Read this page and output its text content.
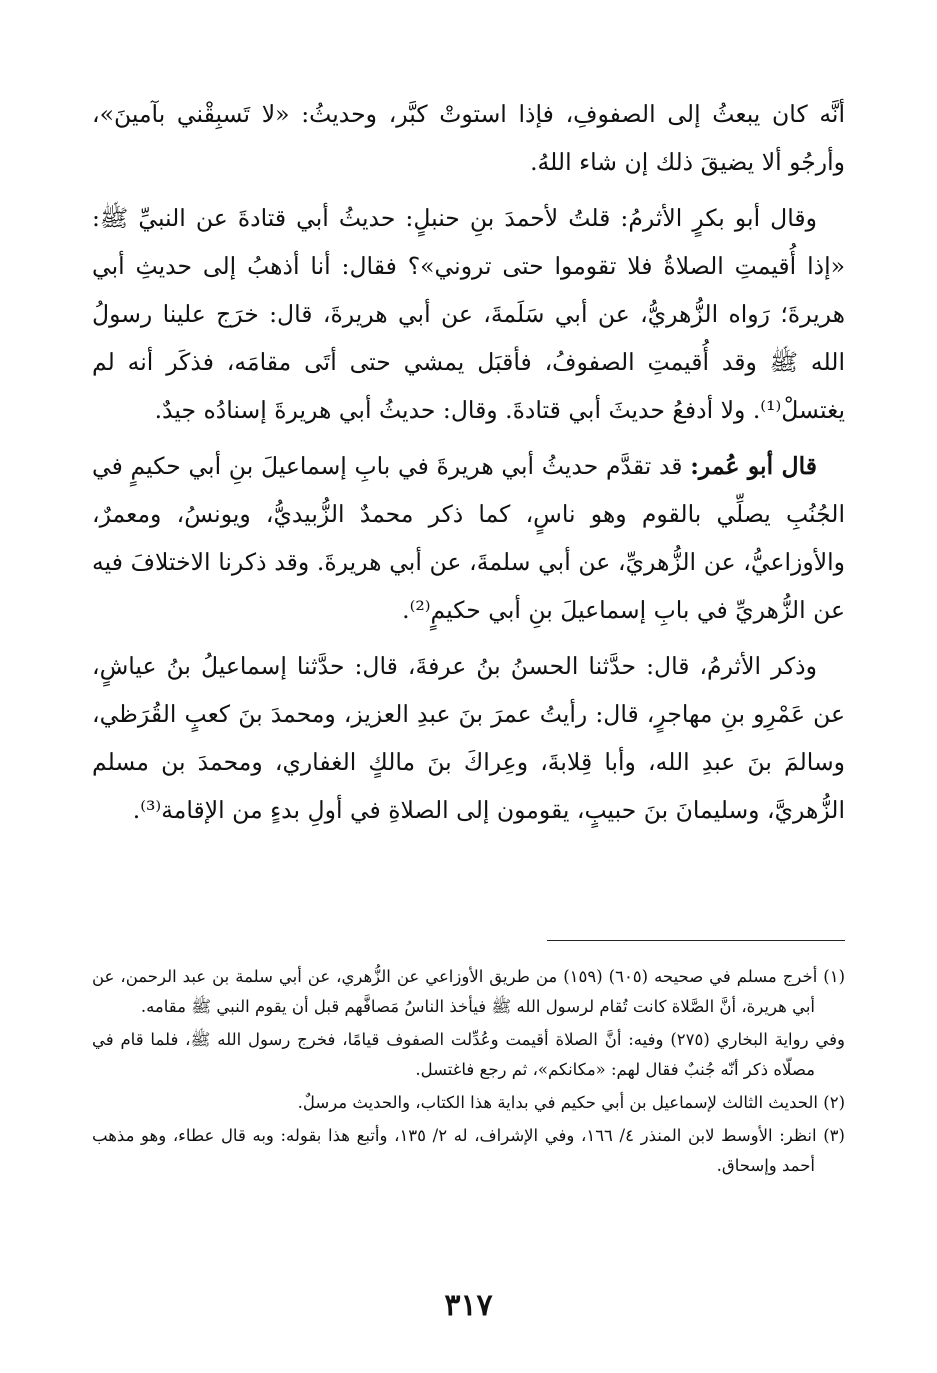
أنَّه كان يبعثُ إلى الصفوفِ، فإذا استوتْ كبَّر، وحديثُ: «لا تَسبِقْني بآمينَ»، وأرجُو ألا يضيقَ ذلك إن شاء اللهُ.

وقال أبو بكرٍ الأثرمُ: قلتُ لأحمدَ بنِ حنبلٍ: حديثُ أبي قتادةَ عن النبيِّ ﷺ: «إذا أُقيمتِ الصلاةُ فلا تقوموا حتى تروني»؟ فقال: أنا أذهبُ إلى حديثِ أبي هريرةَ؛ رَواه الزُّهريُّ، عن أبي سَلَمةَ، عن أبي هريرةَ، قال: خرَج علينا رسولُ الله ﷺ وقد أُقيمتِ الصفوفُ، فأقبَل يمشي حتى أتَى مقامَه، فذكَر أنه لم يغتسلْ⁽¹⁾. ولا أدفعُ حديثَ أبي قتادةَ. وقال: حديثُ أبي هريرةَ إسنادُه جيدٌ.

قال أبو عُمر: قد تقدَّم حديثُ أبي هريرةَ في بابِ إسماعيلَ بنِ أبي حكيمٍ في الجُنُبِ يصلِّي بالقوم وهو ناسٍ، كما ذكر محمدٌ الزُّبيديُّ، ويونسُ، ومعمرٌ، والأوزاعيُّ، عن الزُّهريِّ، عن أبي سلمةَ، عن أبي هريرةَ. وقد ذكرنا الاختلافَ فيه عن الزُّهريِّ في بابِ إسماعيلَ بنِ أبي حكيمٍ⁽²⁾.

وذكر الأثرمُ، قال: حدَّثنا الحسنُ بنُ عرفةَ، قال: حدَّثنا إسماعيلُ بنُ عياشٍ، عن عَمْرِو بنِ مهاجرٍ، قال: رأيتُ عمرَ بنَ عبدِ العزيز، ومحمدَ بنَ كعبٍ القُرَظي، وسالمَ بنَ عبدِ الله، وأبا قِلابةَ، وعِراكَ بنَ مالكٍ الغفاري، ومحمدَ بن مسلم الزُّهريَّ، وسليمانَ بنَ حبيبٍ، يقومون إلى الصلاةِ في أولِ بدءٍ من الإقامة⁽³⁾.

(١) أخرج مسلم في صحيحه (٦٠٥) (١٥٩) من طريق الأوزاعي عن الزُّهري، عن أبي سلمة بن عبد الرحمن، عن أبي هريرة، أنَّ الصَّلاة كانت تُقام لرسول الله ﷺ فيأخذ الناسُ مَصافَّهم قبل أن يقوم النبي ﷺ مقامه.

وفي رواية البخاري (٢٧٥) وفيه: أنَّ الصلاة أقيمت وعُدِّلت الصفوف قيامًا، فخرج رسول الله ﷺ، فلما قام في مصلّاه ذكر أنّه جُنبٌ فقال لهم: «مكانكم»، ثم رجع فاغتسل.

(٢) الحديث الثالث لإسماعيل بن أبي حكيم في بداية هذا الكتاب، والحديث مرسلٌ.

(٣) انظر: الأوسط لابن المنذر ٤/ ١٦٦، وفي الإشراف، له ٢/ ١٣٥، وأتبع هذا بقوله: وبه قال عطاء، وهو مذهب أحمد وإسحاق.

٣١٧
